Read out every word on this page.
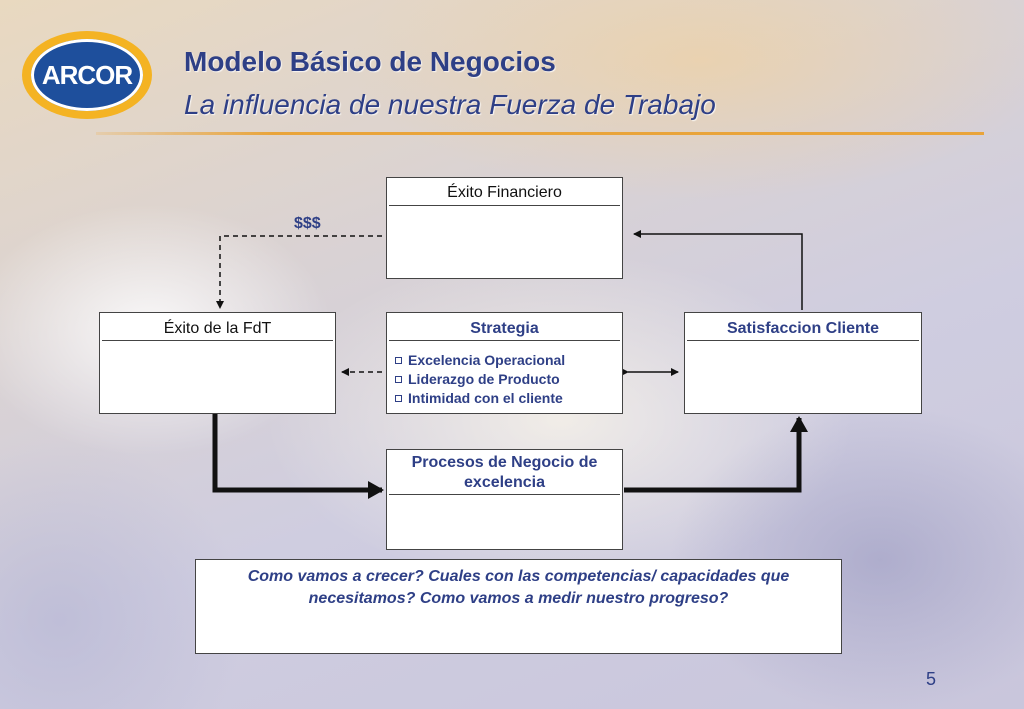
ARCOR Modelo Básico de Negocios
La influencia de nuestra Fuerza de Trabajo
$$$
Éxito Financiero
Éxito de la FdT	Strategia
Excelencia Operacional
Liderazgo de Producto
Intimidad con el cliente
Satisfaccion Cliente
Procesos de Negocio de excelencia
Como vamos a crecer? Cuales con las competencias/ capacidades que necesitamos? Como vamos a medir nuestro progreso?
5
